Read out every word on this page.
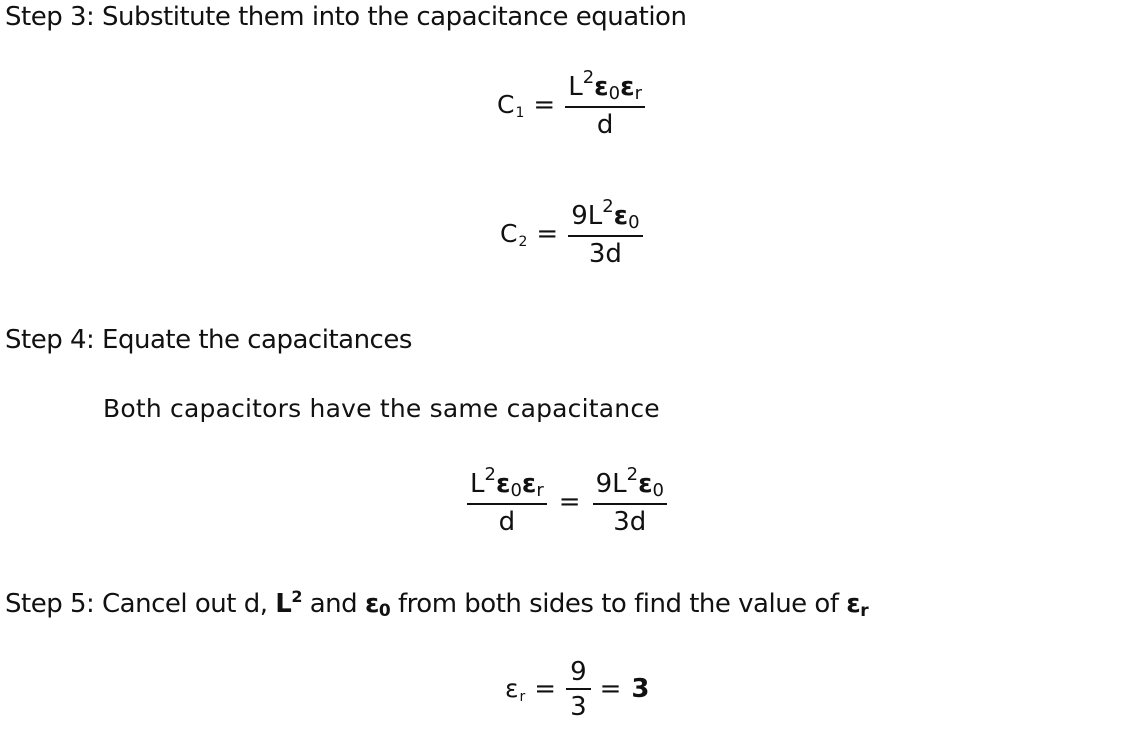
Step 3: Substitute them into the capacitance equation
$C_1 = \frac{L^2\varepsilon 0\varepsilon r}{d}$
$C_2 = \frac{9L^2\varepsilon 0}{3d}$
Step 4: Equate the capacitances
Both capacitors have the same capacitance
$\frac{L^2\varepsilon 0\varepsilon r}{d} = \frac{9L^2\varepsilon 0}{3d}$
Step 5: Cancel out d, $L^2$ and ε0 from both sides to find the value of εr
$\varepsilon_r = \frac{9}{3} = 3$
